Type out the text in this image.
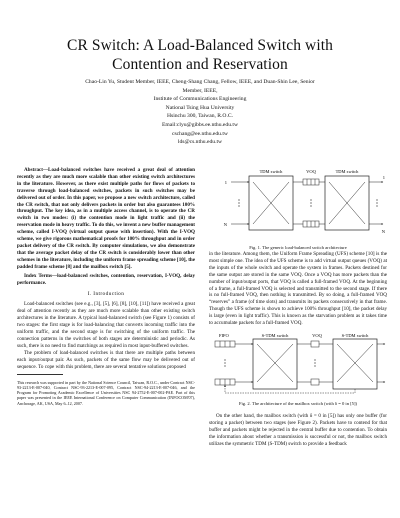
CR Switch: A Load-Balanced Switch with
Contention and Reservation
Chao-Lin Yu, Student Member, IEEE, Cheng-Shang Chang, Fellow, IEEE, and Duan-Shin Lee, Senior
Member, IEEE,
Institute of Communications Engineering
National Tsing Hua University
Hsinchu 300, Taiwan, R.O.C.
Email:clyu@gibbs.ee.nthu.edu.tw
cschang@ee.nthu.edu.tw
lds@cs.nthu.edu.tw

Abstract—Load-balanced switches have received a great deal of attention recently as they are much more scalable than other existing switch architectures in the literature. However, as there exist multiple paths for flows of packets to traverse through load-balanced switches, packets in such switches may be delivered out of order. In this paper, we propose a new switch architecture, called the CR switch, that not only delivers packets in order but also guarantees 100% throughput. The key idea, as in a multiple access channel, is to operate the CR switch in two modes: (i) the contention mode in light traffic and (ii) the reservation mode in heavy traffic. To do this, we invent a new buffer management scheme, called I-VOQ (virtual output queue with insertion). With the I-VOQ scheme, we give rigorous mathematical proofs for 100% throughput and in order packet delivery of the CR switch. By computer simulations, we also demonstrate that the average packet delay of the CR switch is considerably lower than other schemes in the literature, including the uniform frame spreading scheme [10], the padded frame scheme [8] and the mailbox switch [5].

Index Terms—load-balanced switches, contention, reservation, I-VOQ, delay performance.

I. Introduction

Load-balanced switches (see e.g., [3], [5], [6], [8], [10], [11]) have received a great deal of attention recently as they are much more scalable than other existing switch architectures in the literature. A typical load-balanced switch (see Figure 1) consists of two stages: the first stage is for load-balancing that converts incoming traffic into the uniform traffic, and the second stage is for switching of the uniform traffic. The connection patterns in the switches of both stages are deterministic and periodic. As such, there is no need to find matchings as required in most input-buffered switches.

The problem of load-balanced switches is that there are multiple paths between each input/output pair. As such, packets of the same flow may be delivered out of sequence. To cope with this problem, there are several tentative solutions proposed

This research was supported in part by the National Science Council, Taiwan, R.O.C., under Contract NSC-93-2213-E-007-040, Contract NSC-93-2213-E-007-095, Contract NSC-94-2213-E-007-046, and the Program for Promoting Academic Excellence of Universities NSC 94-2752-E-007-002-PAE. Part of this paper was presented in the IEEE International Conference on Computer Communication (INFOCOM'07), Anchorage, AK, USA, May 6–12, 2007.

TDM switch	VOQ	TDM switch
1
N
1
N
Fig. 1. The generic load-balanced switch architecture

in the literature. Among them, the Uniform Frame Spreading (UFS) scheme [10] is the most simple one. The idea of the UFS scheme is to add virtual output queues (VOQ) at the inputs of the whole switch and operate the system in frames. Packets destined for the same output are stored in the same VOQ. Once a VOQ has more packets than the number of input/output ports, that VOQ is called a full-framed VOQ. At the beginning of a frame, a full-framed VOQ is selected and transmitted to the second stage. If there is no full-framed VOQ, then nothing is transmitted. By so doing, a full-framed VOQ “reserves” a frame (of time slots) and transmits its packets consecutively in that frame. Though the UFS scheme is shown to achieve 100% throughput [10], the packet delay is large (even in light traffic). This is known as the starvation problem as it takes time to accumulate packets for a full-framed VOQ.

FIFO	S-TDM switch	VOQ	S-TDM switch
Fig. 2. The architecture of the mailbox switch (with δ = 0 in [5])

On the other hand, the mailbox switch (with δ = 0 in [5]) has only one buffer (for storing a packet) between two stages (see Figure 2). Packets have to contend for that buffer and packets might be rejected in the central buffer due to contention. To obtain the information about whether a transmission is successful or not, the mailbox switch utilizes the symmetric TDM (S-TDM) switch to provide a feedback
